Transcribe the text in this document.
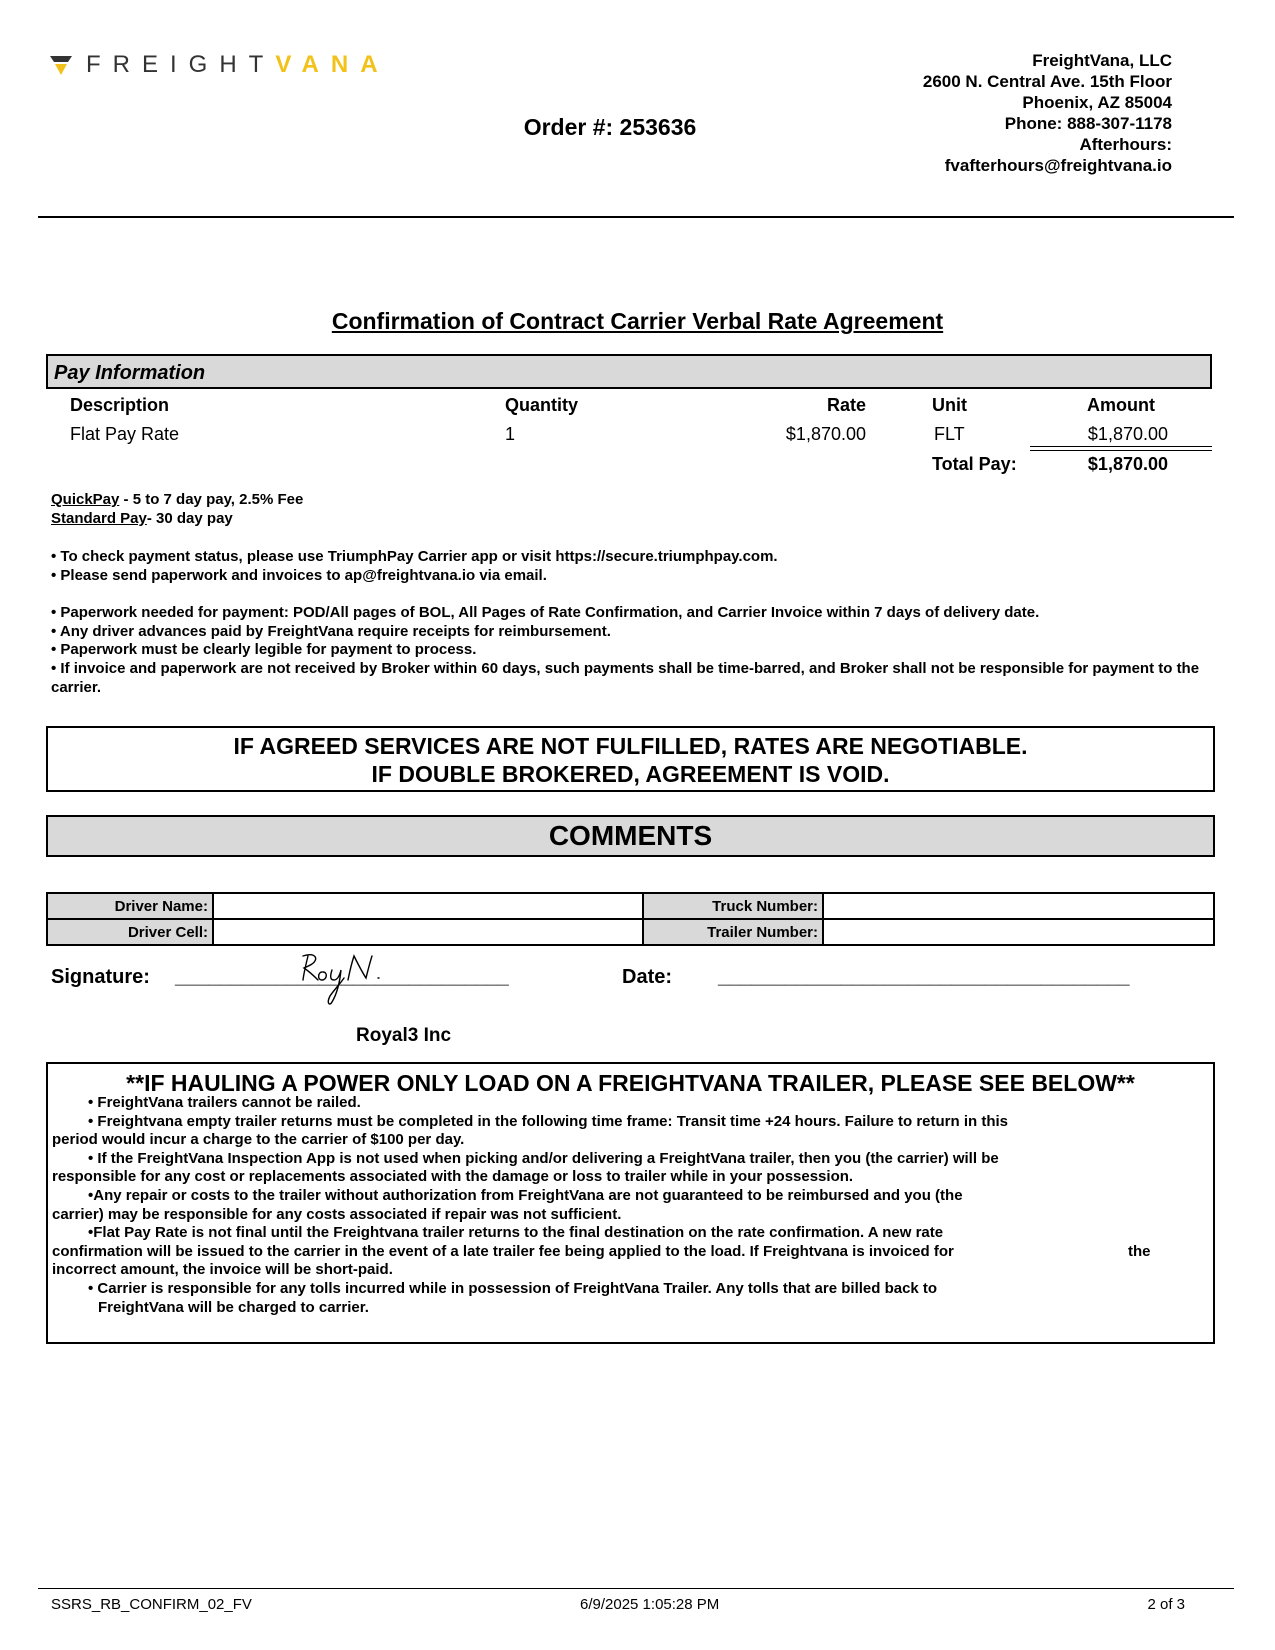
FREIGHTVANA
Order #: 253636
FreightVana, LLC
2600 N. Central Ave. 15th Floor
Phoenix, AZ 85004
Phone: 888-307-1178
Afterhours:
fvafterhours@freightvana.io
Confirmation of Contract Carrier Verbal Rate Agreement
Pay Information
Description	Quantity	Rate	Unit	Amount
Flat Pay Rate	1	$1,870.00	FLT	$1,870.00
Total Pay:	$1,870.00
QuickPay - 5 to 7 day pay, 2.5% Fee
Standard Pay- 30 day pay
• To check payment status, please use TriumphPay Carrier app or visit https://secure.triumphpay.com.
• Please send paperwork and invoices to ap@freightvana.io via email.
• Paperwork needed for payment: POD/All pages of BOL, All Pages of Rate Confirmation, and Carrier Invoice within 7 days of delivery date.
• Any driver advances paid by FreightVana require receipts for reimbursement.
• Paperwork must be clearly legible for payment to process.
• If invoice and paperwork are not received by Broker within 60 days, such payments shall be time-barred, and Broker shall not be responsible for payment to the carrier.
IF AGREED SERVICES ARE NOT FULFILLED, RATES ARE NEGOTIABLE.
IF DOUBLE BROKERED, AGREEMENT IS VOID.
COMMENTS
Driver Name:		Truck Number:	
Driver Cell:		Trailer Number:	
Signature: ______________________________	Date: _____________________________________
Royal3 Inc
**IF HAULING A POWER ONLY LOAD ON A FREIGHTVANA TRAILER, PLEASE SEE BELOW**
• FreightVana trailers cannot be railed.
• Freightvana empty trailer returns must be completed in the following time frame: Transit time +24 hours. Failure to return in this
period would incur a charge to the carrier of $100 per day.
• If the FreightVana Inspection App is not used when picking and/or delivering a FreightVana trailer, then you (the carrier) will be
responsible for any cost or replacements associated with the damage or loss to trailer while in your possession.
•Any repair or costs to the trailer without authorization from FreightVana are not guaranteed to be reimbursed and you (the
carrier) may be responsible for any costs associated if repair was not sufficient.
•Flat Pay Rate is not final until the Freightvana trailer returns to the final destination on the rate confirmation. A new rate
confirmation will be issued to the carrier in the event of a late trailer fee being applied to the load. If Freightvana is invoiced for	the
incorrect amount, the invoice will be short-paid.
• Carrier is responsible for any tolls incurred while in possession of FreightVana Trailer. Any tolls that are billed back to
FreightVana will be charged to carrier.
SSRS_RB_CONFIRM_02_FV	6/9/2025 1:05:28 PM	2 of 3
